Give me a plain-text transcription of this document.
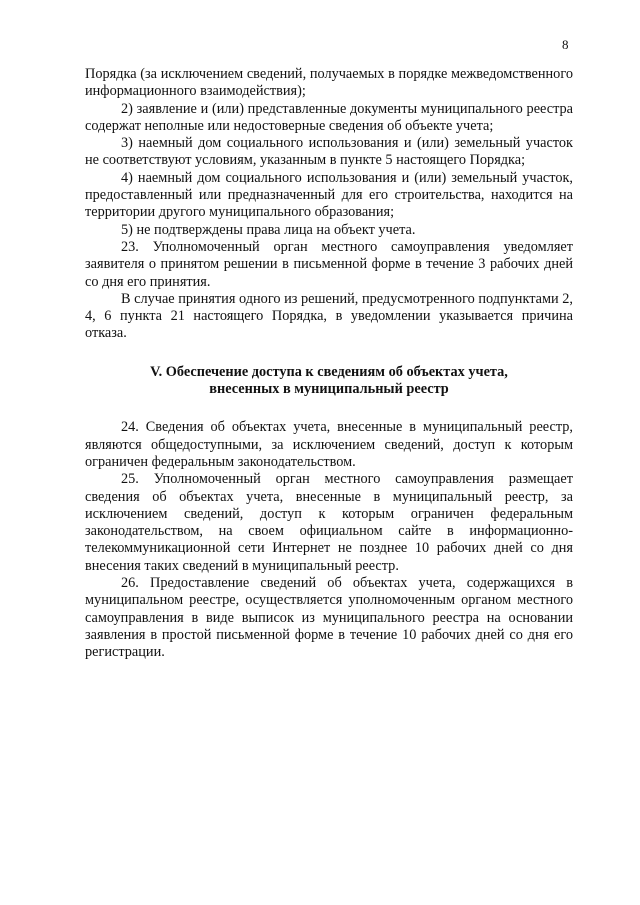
8

Порядка (за исключением сведений, получаемых в порядке межведомственного информационного взаимодействия);

2) заявление и (или) представленные документы муниципального реестра содержат неполные или недостоверные сведения об объекте учета;

3) наемный дом социального использования и (или) земельный участок не соответствуют условиям, указанным в пункте 5 настоящего Порядка;

4) наемный дом социального использования и (или) земельный участок, предоставленный или предназначенный для его строительства, находится на территории другого муниципального образования;

5) не подтверждены права лица на объект учета.

23. Уполномоченный орган местного самоуправления уведомляет заявителя о принятом решении в письменной форме в течение 3 рабочих дней со дня его принятия.

В случае принятия одного из решений, предусмотренного подпунктами 2, 4, 6 пункта 21 настоящего Порядка, в уведомлении указывается причина отказа.

V. Обеспечение доступа к сведениям об объектах учета, внесенных в муниципальный реестр

24. Сведения об объектах учета, внесенные в муниципальный реестр, являются общедоступными, за исключением сведений, доступ к которым ограничен федеральным законодательством.

25. Уполномоченный орган местного самоуправления размещает сведения об объектах учета, внесенные в муниципальный реестр, за исключением сведений, доступ к которым ограничен федеральным законодательством, на своем официальном сайте в информационно-телекоммуникационной сети Интернет не позднее 10 рабочих дней со дня внесения таких сведений в муниципальный реестр.

26. Предоставление сведений об объектах учета, содержащихся в муниципальном реестре, осуществляется уполномоченным органом местного самоуправления в виде выписок из муниципального реестра на основании заявления в простой письменной форме в течение 10 рабочих дней со дня его регистрации.
